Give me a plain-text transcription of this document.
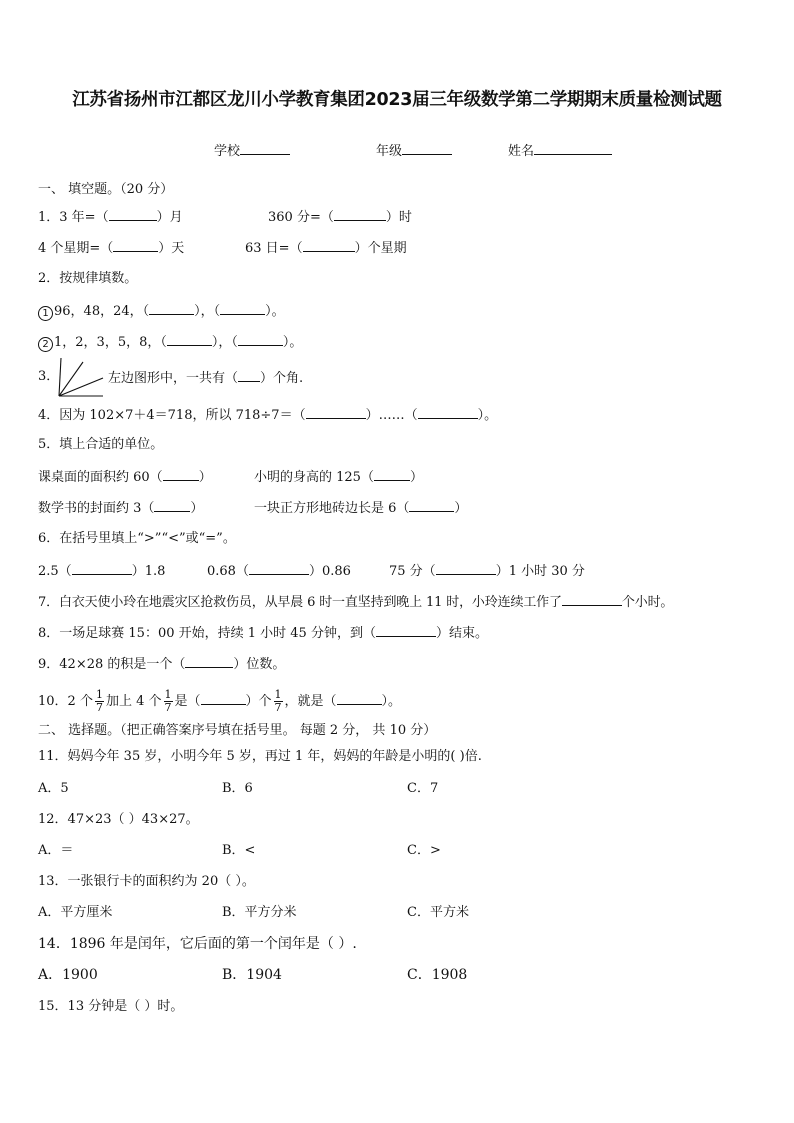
江苏省扬州市江都区龙川小学教育集团2023届三年级数学第二学期期末质量检测试题
学校	年级	姓名
一、 填空题。（20 分）
1．3 年=（	）月	360 分=（	）时
4 个星期=（	）天	63 日=（	）个星期
2．按规律填数。
1 96，48，24，（	），（	）。
2 1，2，3，5，8，（	），（	）。
3．	左边图形中，一共有（ ）个角.
4．因为 102×7＋4＝718，所以 718÷7＝（	）……（	）。
5．填上合适的单位。
课桌面的面积约 60（	）	小明的身高的 125（	）
数学书的封面约 3（	）	一块正方形地砖边长是 6（	）
6．在括号里填上“>”“<”或“=”。
2.5（	）1.8	0.68（	）0.86	75 分（	）1 小时 30 分
7．白衣天使小玲在地震灾区抢救伤员，从早晨 6 时一直坚持到晚上 11 时，小玲连续工作了	个小时。
8．一场足球赛 15：00 开始，持续 1 小时 45 分钟，到（	）结束。
9．42×28 的积是一个（	）位数。
10．2 个 $\frac{1}{7}$ 加上 4 个 $\frac{1}{7}$ 是（	）个 $\frac{1}{7}$ ，就是（	）。
二、 选择题。（把正确答案序号填在括号里。 每题 2 分， 共 10 分）
11．妈妈今年 35 岁，小明今年 5 岁，再过 1 年，妈妈的年龄是小明的( )倍.
A．5	B．6	C．7
12．47×23（ ）43×27。
A．＝	B．<	C．>
13．一张银行卡的面积约为 20（ ）。
A．平方厘米	B．平方分米	C．平方米
14．1896 年是闰年，它后面的第一个闰年是（ ）.
A．1900	B．1904	C．1908
15．13 分钟是（ ）时。
